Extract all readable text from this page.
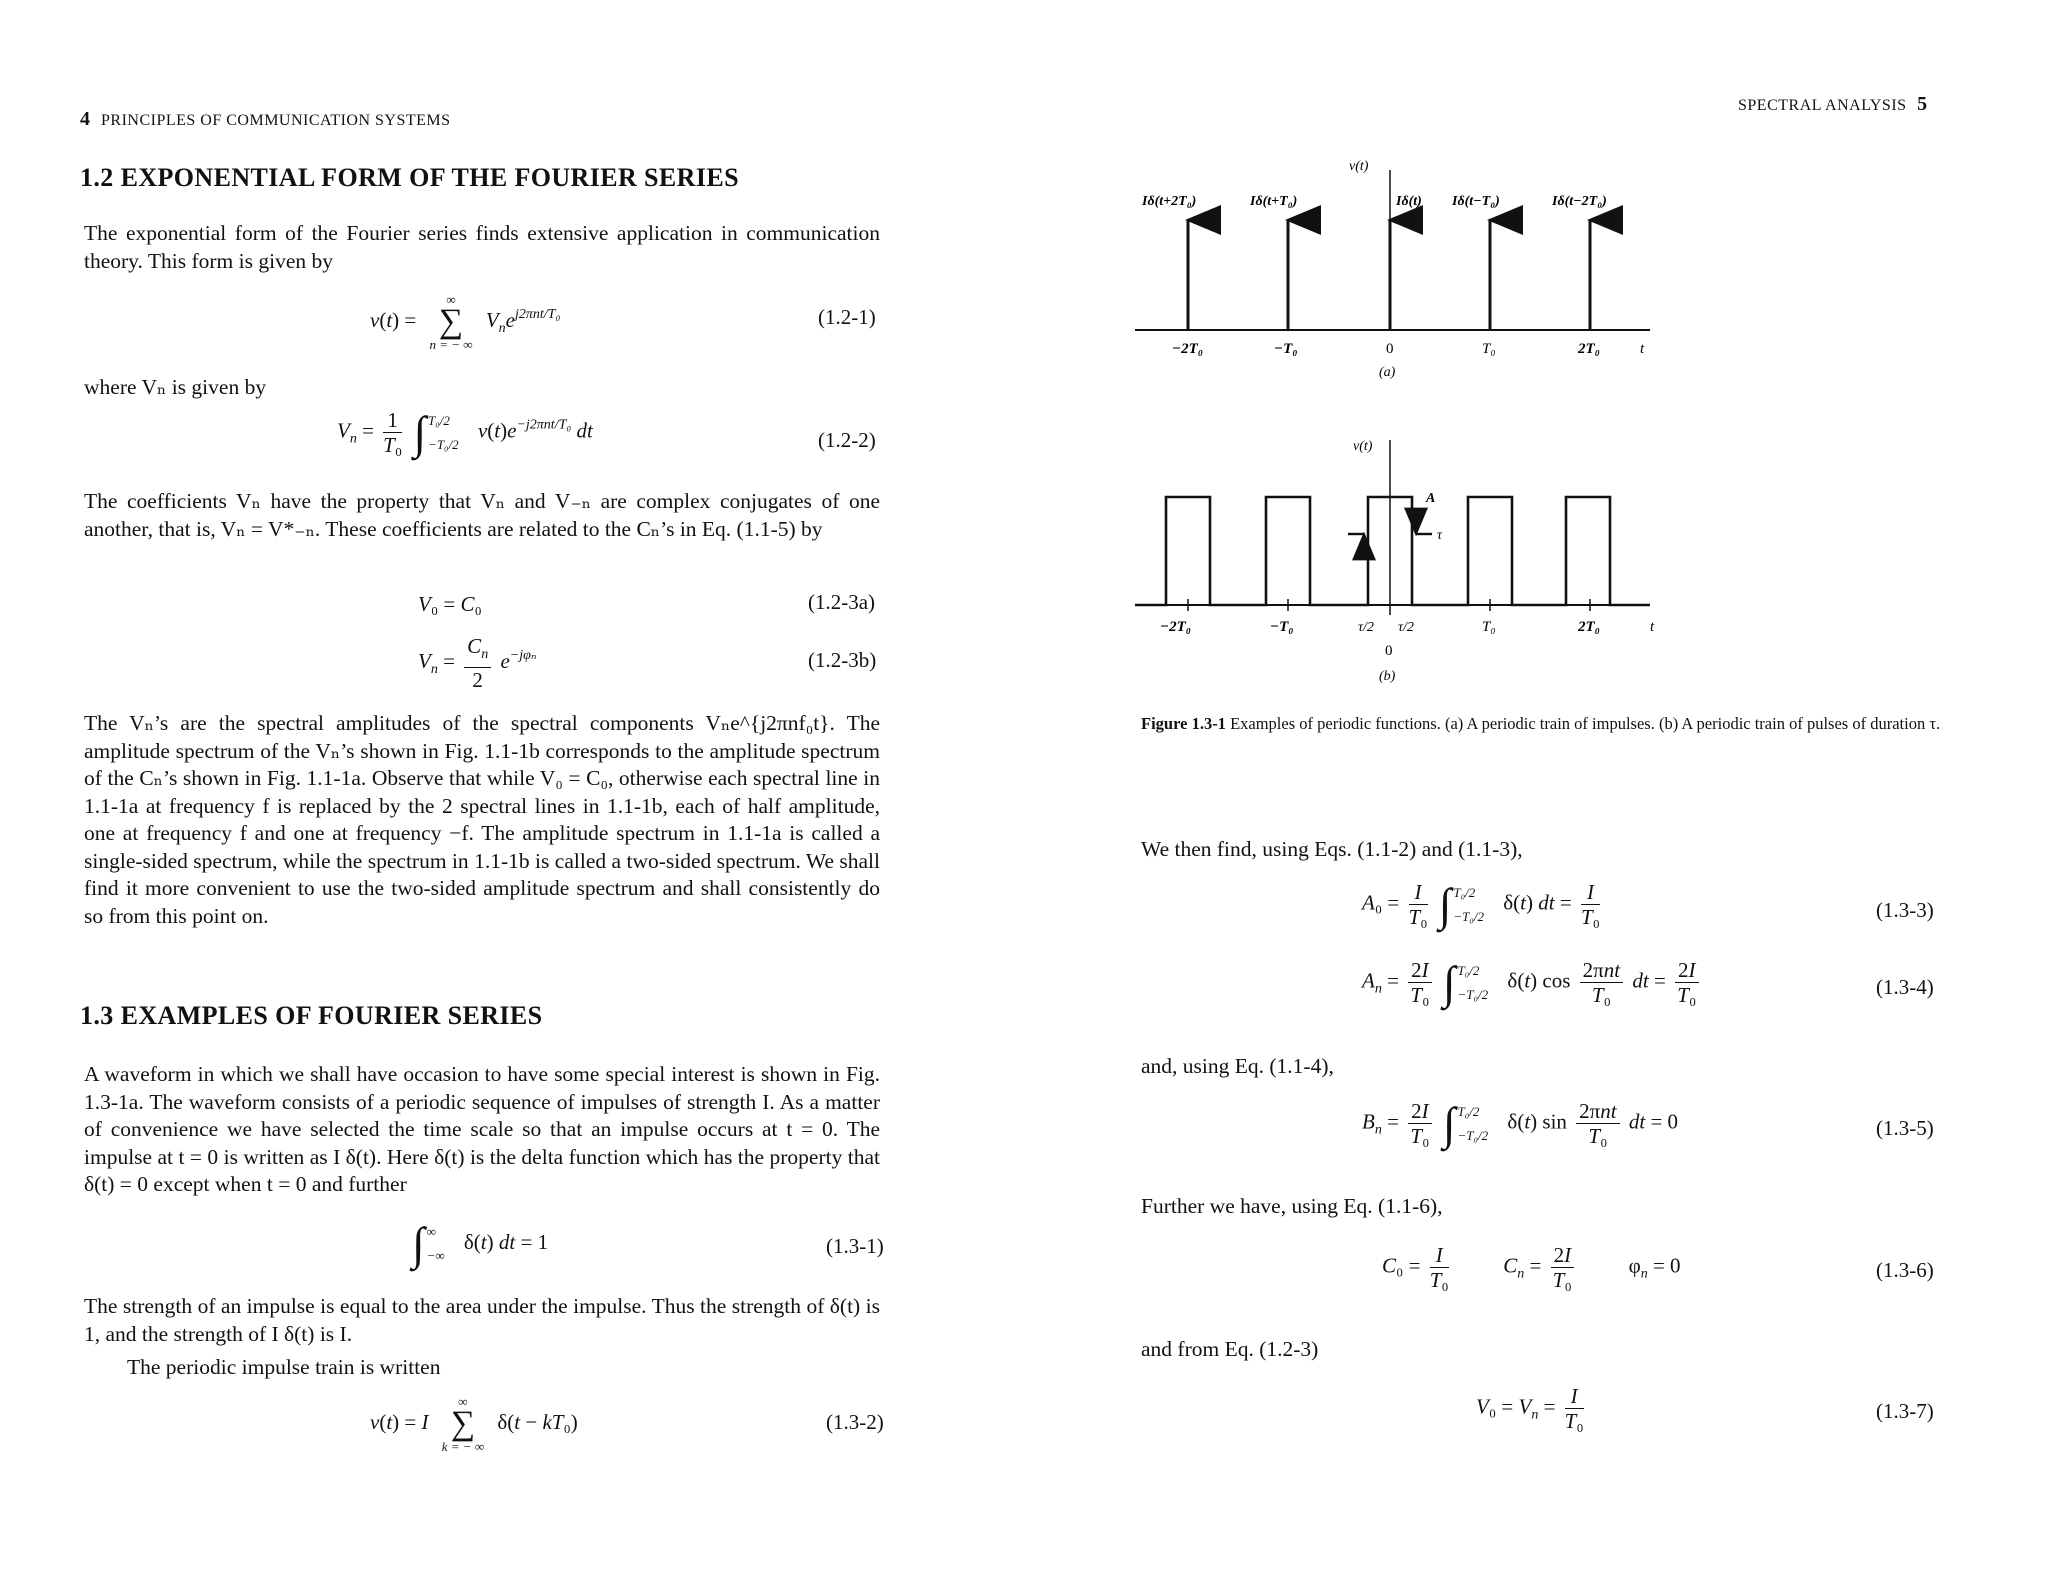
4 PRINCIPLES OF COMMUNICATION SYSTEMS
1.2 EXPONENTIAL FORM OF THE FOURIER SERIES

The exponential form of the Fourier series finds extensive application in communication theory. This form is given by

v(t) =
∞
∑
n = − ∞
$V_ne^{j2\pi nt/T_0}$	(1.2-1)
where Vₙ is given by
$V_n = \frac{1}{\text{T₀}}$ ∫ T₀/2
−T₀/2
$v(t)e^{-j2\pi nt/T_0}$ dt	(1.2-2)

The coefficients Vₙ have the property that Vₙ and V₋ₙ are complex conjugates of one another, that is, Vₙ = V*₋ₙ. These coefficients are related to the Cₙ’s in Eq. (1.1-5) by

V₀ = C₀	(1.2-3a)
$V_n = \frac{C_n}{2} e^{-j\varphi_n}$	(1.2-3b)

The Vₙ’s are the spectral amplitudes of the spectral components Vₙe^{j2πnf₀t}. The amplitude spectrum of the Vₙ’s shown in Fig. 1.1-1b corresponds to the amplitude spectrum of the Cₙ’s shown in Fig. 1.1-1a. Observe that while V₀ = C₀, otherwise each spectral line in 1.1-1a at frequency f is replaced by the 2 spectral lines in 1.1-1b, each of half amplitude, one at frequency f and one at frequency −f. The amplitude spectrum in 1.1-1a is called a single-sided spectrum, while the spectrum in 1.1-1b is called a two-sided spectrum. We shall find it more convenient to use the two-sided amplitude spectrum and shall consistently do so from this point on.

1.3 EXAMPLES OF FOURIER SERIES

A waveform in which we shall have occasion to have some special interest is shown in Fig. 1.3-1a. The waveform consists of a periodic sequence of impulses of strength I. As a matter of convenience we have selected the time scale so that an impulse occurs at t = 0. The impulse at t = 0 is written as I δ(t). Here δ(t) is the delta function which has the property that δ(t) = 0 except when t = 0 and further

∫ ∞
−∞
δ(t) dt = 1	(1.3-1)

The strength of an impulse is equal to the area under the impulse. Thus the strength of δ(t) is 1, and the strength of I δ(t) is I.

The periodic impulse train is written
v(t) = I
∞
∑
k = − ∞
δ(t − kT₀)	(1.3-2)
SPECTRAL ANALYSIS 5
v(t)
Iδ(t+2T₀)	Iδ(t+T₀)	Iδ(t) Iδ(t−T₀)	Iδ(t−2T₀)
−2T₀	−T₀	0	T₀	2T₀	t
(a)
v(t)
τ
A
−2T₀	−T₀	τ/2 τ/2	T₀	2T₀	t
0
(b)
Figure 1.3-1 Examples of periodic functions. (a) A periodic train of impulses. (b) A periodic train of pulses of duration τ.
We then find, using Eqs. (1.1-2) and (1.1-3),
$A_0 = \frac{I}{\text{T₀}}$ ∫ T₀/2
−T₀/2
δ(t) dt = $\frac{I}{\text{T₀}}$	(1.3-3)
$A_n = \frac{2I}{\text{T₀}}$ ∫ T₀/2
−T₀/2
δ(t) $\cos \frac{\text{2πnt}}{\text{T₀}}$ dt = $\frac{2I}{\text{T₀}}$	(1.3-4)
and, using Eq. (1.1-4),
$B_n = \frac{2I}{\text{T₀}}$ ∫ T₀/2
−T₀/2
δ(t) $\sin \frac{\text{2πnt}}{\text{T₀}}$ dt = 0	(1.3-5)
Further we have, using Eq. (1.1-6),
$C_0 = \frac{I}{\text{T₀}}$	$C_n = \frac{2I}{\text{T₀}} \varphi_n = 0$	(1.3-6)
and from Eq. (1.2-3)
$V_0 = V_n = \frac{I}{\text{T₀}}$	(1.3-7)
